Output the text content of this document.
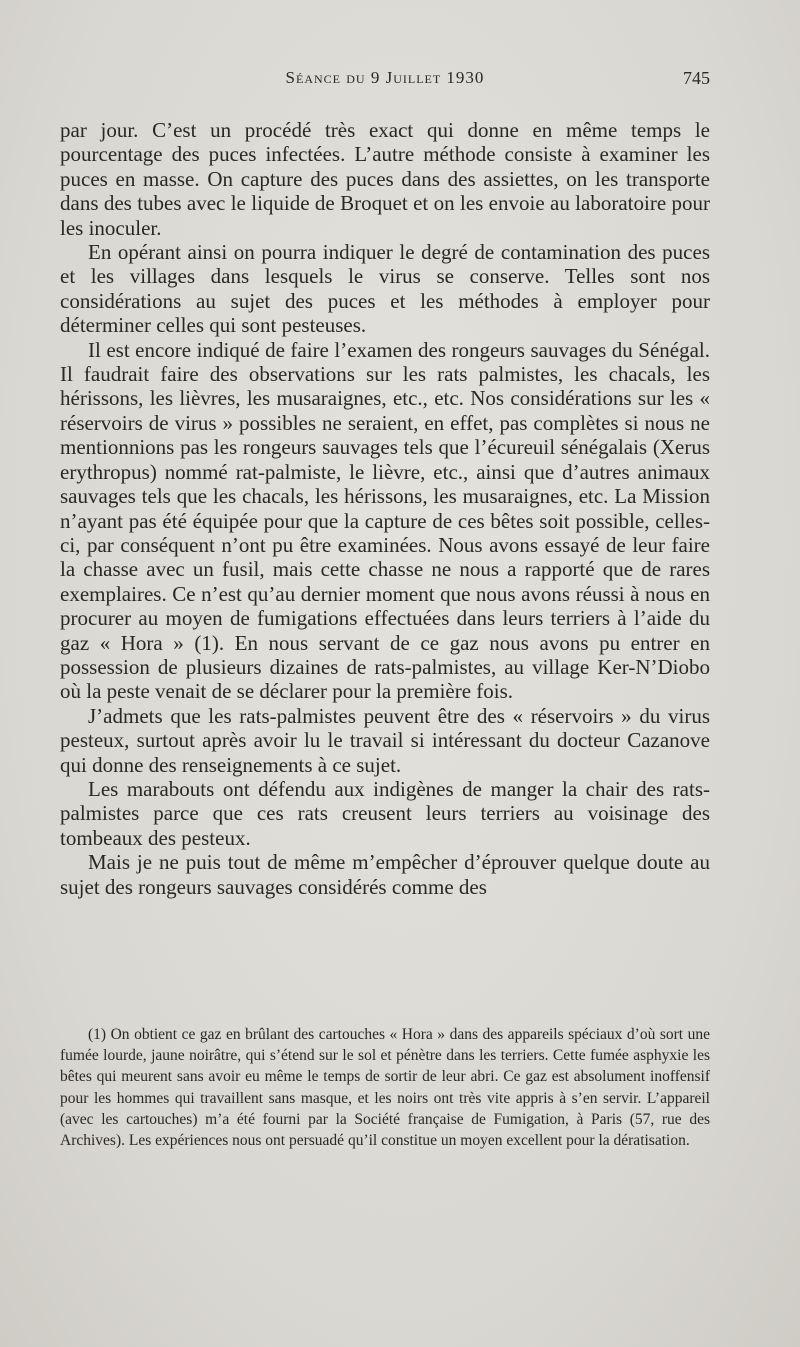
Séance du 9 Juillet 1930	745

par jour. C’est un procédé très exact qui donne en même temps le pourcentage des puces infectées. L’autre méthode consiste à examiner les puces en masse. On capture des puces dans des assiettes, on les transporte dans des tubes avec le liquide de Broquet et on les envoie au laboratoire pour les inoculer.

En opérant ainsi on pourra indiquer le degré de contamination des puces et les villages dans lesquels le virus se conserve. Telles sont nos considérations au sujet des puces et les méthodes à employer pour déterminer celles qui sont pesteuses.

Il est encore indiqué de faire l’examen des rongeurs sauvages du Sénégal. Il faudrait faire des observations sur les rats palmistes, les chacals, les hérissons, les lièvres, les musaraignes, etc., etc. Nos considérations sur les « réservoirs de virus » possibles ne seraient, en effet, pas complètes si nous ne mentionnions pas les rongeurs sauvages tels que l’écureuil sénégalais (Xerus erythropus) nommé rat-palmiste, le lièvre, etc., ainsi que d’autres animaux sauvages tels que les chacals, les hérissons, les musaraignes, etc. La Mission n’ayant pas été équipée pour que la capture de ces bêtes soit possible, celles-ci, par conséquent n’ont pu être examinées. Nous avons essayé de leur faire la chasse avec un fusil, mais cette chasse ne nous a rapporté que de rares exemplaires. Ce n’est qu’au dernier moment que nous avons réussi à nous en procurer au moyen de fumigations effectuées dans leurs terriers à l’aide du gaz « Hora » (1). En nous servant de ce gaz nous avons pu entrer en possession de plusieurs dizaines de rats-palmistes, au village Ker-N’Diobo où la peste venait de se déclarer pour la première fois.

J’admets que les rats-palmistes peuvent être des « réservoirs » du virus pesteux, surtout après avoir lu le travail si intéressant du docteur Cazanove qui donne des renseignements à ce sujet.

Les marabouts ont défendu aux indigènes de manger la chair des rats-palmistes parce que ces rats creusent leurs terriers au voisinage des tombeaux des pesteux.

Mais je ne puis tout de même m’empêcher d’éprouver quelque doute au sujet des rongeurs sauvages considérés comme des

(1) On obtient ce gaz en brûlant des cartouches « Hora » dans des appareils spéciaux d’où sort une fumée lourde, jaune noirâtre, qui s’étend sur le sol et pénètre dans les terriers. Cette fumée asphyxie les bêtes qui meurent sans avoir eu même le temps de sortir de leur abri. Ce gaz est absolument inoffensif pour les hommes qui travaillent sans masque, et les noirs ont très vite appris à s’en servir. L’appareil (avec les cartouches) m’a été fourni par la Société française de Fumigation, à Paris (57, rue des Archives). Les expériences nous ont persuadé qu’il constitue un moyen excellent pour la dératisation.
